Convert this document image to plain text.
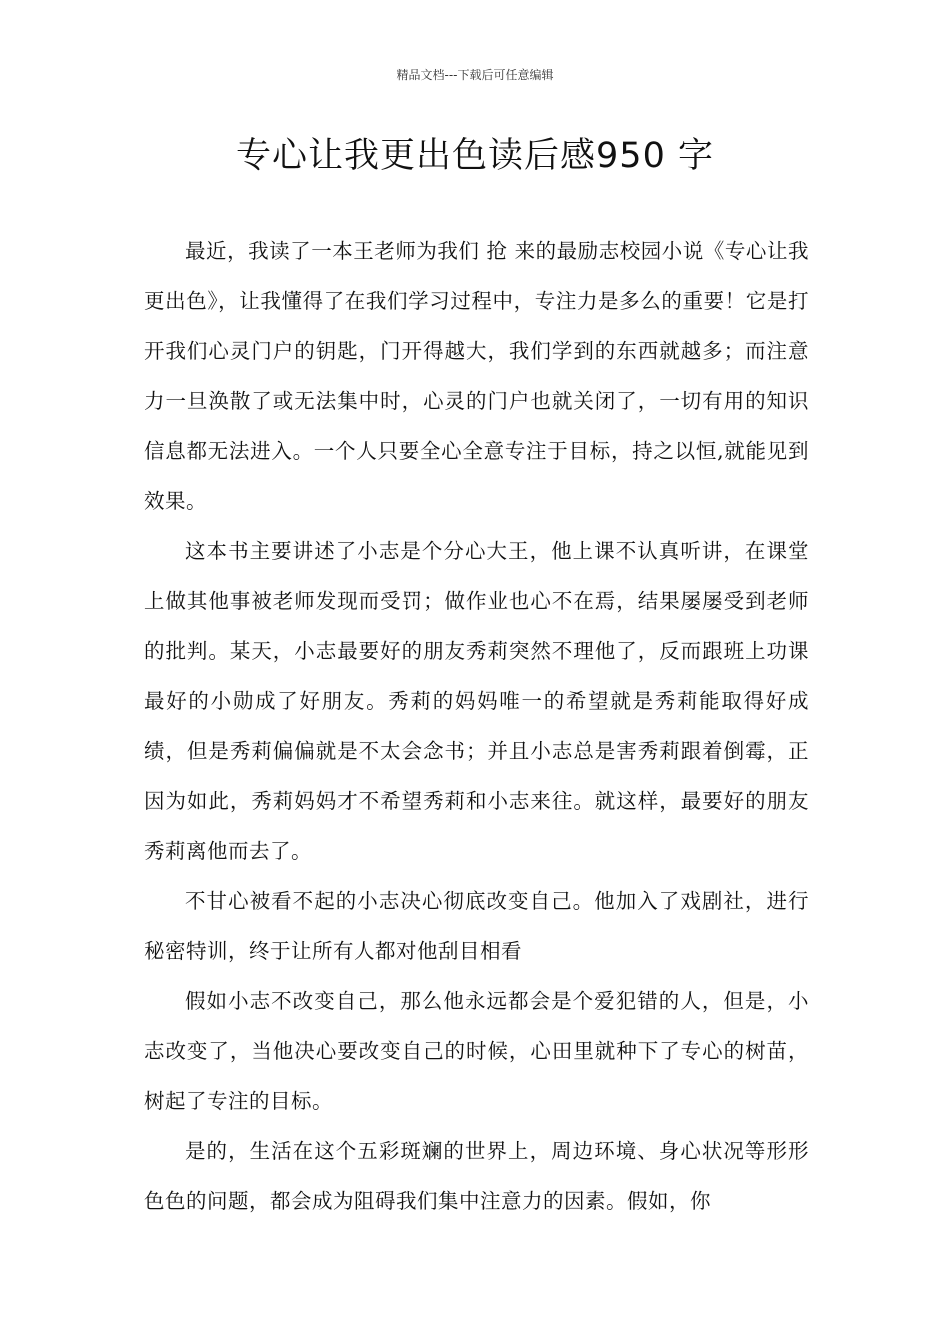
精品文档---下载后可任意编辑
专心让我更出色读后感950 字

最近，我读了一本王老师为我们 抢 来的最励志校园小说《专心让我更出色》，让我懂得了在我们学习过程中，专注力是多么的重要！它是打开我们心灵门户的钥匙，门开得越大，我们学到的东西就越多；而注意力一旦涣散了或无法集中时，心灵的门户也就关闭了，一切有用的知识信息都无法进入。一个人只要全心全意专注于目标，持之以恒,就能见到效果。

这本书主要讲述了小志是个分心大王，他上课不认真听讲，在课堂上做其他事被老师发现而受罚；做作业也心不在焉，结果屡屡受到老师的批判。某天，小志最要好的朋友秀莉突然不理他了，反而跟班上功课最好的小勋成了好朋友。秀莉的妈妈唯一的希望就是秀莉能取得好成绩，但是秀莉偏偏就是不太会念书；并且小志总是害秀莉跟着倒霉，正因为如此，秀莉妈妈才不希望秀莉和小志来往。就这样，最要好的朋友秀莉离他而去了。

不甘心被看不起的小志决心彻底改变自己。他加入了戏剧社，进行秘密特训，终于让所有人都对他刮目相看

假如小志不改变自己，那么他永远都会是个爱犯错的人，但是，小志改变了，当他决心要改变自己的时候，心田里就种下了专心的树苗，树起了专注的目标。

是的，生活在这个五彩斑斓的世界上，周边环境、身心状况等形形色色的问题，都会成为阻碍我们集中注意力的因素。假如，你
